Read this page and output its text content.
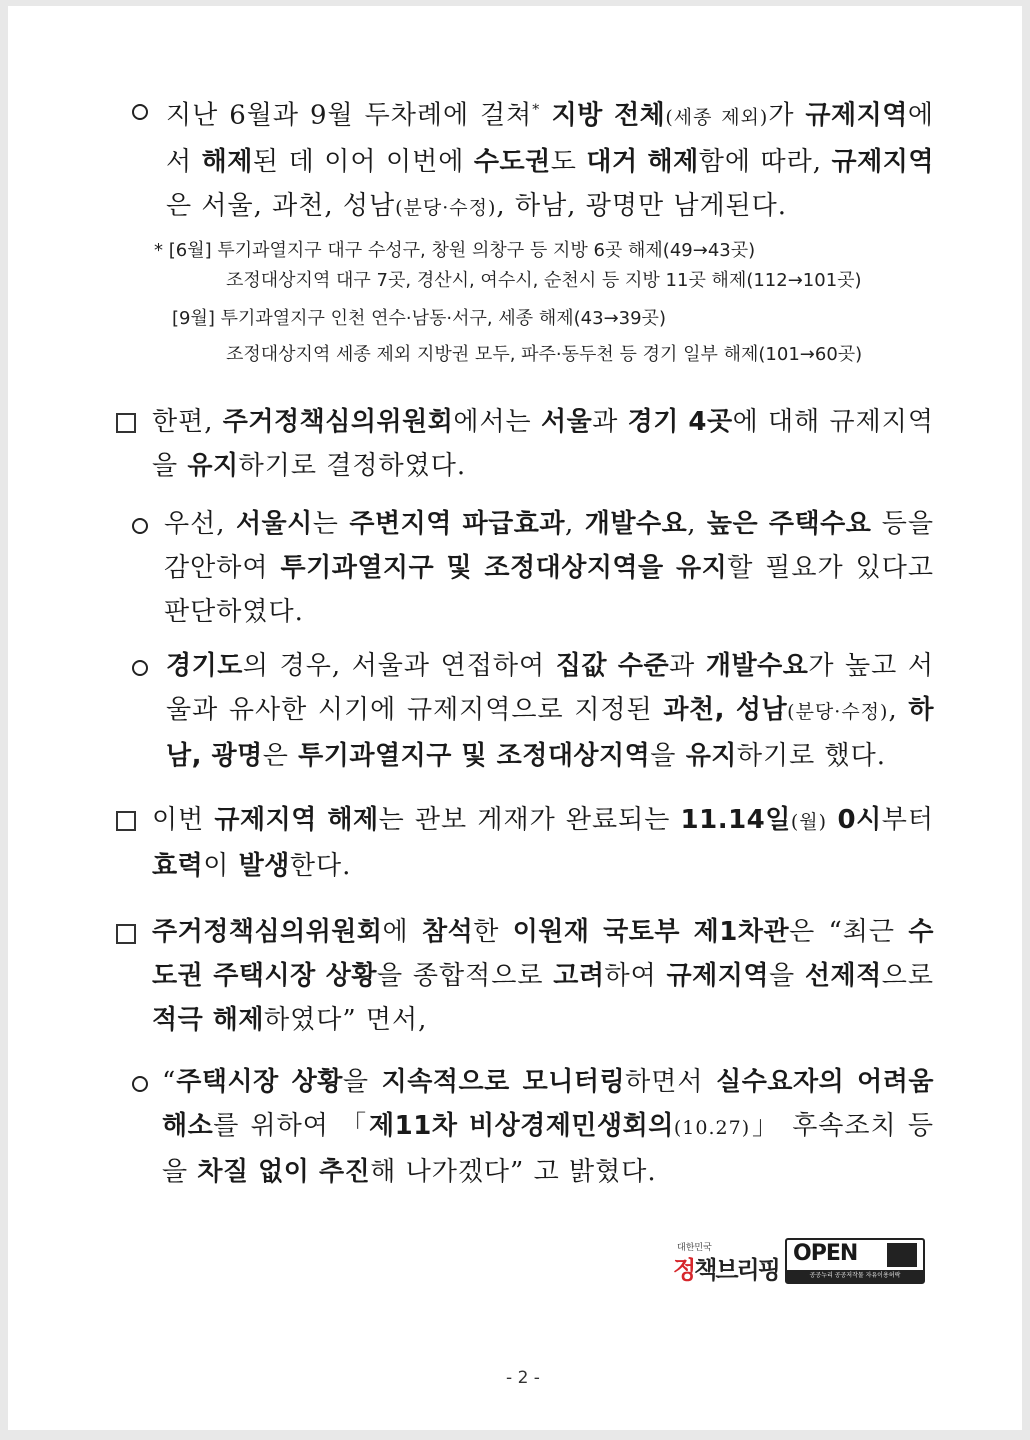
지난 6월과 9월 두차례에 걸쳐* 지방 전체(세종 제외)가 규제지역에서 해제된 데 이어 이번에 수도권도 대거 해제함에 따라, 규제지역은 서울, 과천, 성남(분당·수정), 하남, 광명만 남게된다.
* [6월] 투기과열지구 대구 수성구, 창원 의창구 등 지방 6곳 해제(49→43곳)
조정대상지역 대구 7곳, 경산시, 여수시, 순천시 등 지방 11곳 해제(112→101곳)
[9월] 투기과열지구 인천 연수·남동·서구, 세종 해제(43→39곳)
조정대상지역 세종 제외 지방권 모두, 파주·동두천 등 경기 일부 해제(101→60곳)
한편, 주거정책심의위원회에서는 서울과 경기 4곳에 대해 규제지역을 유지하기로 결정하였다.
우선, 서울시는 주변지역 파급효과, 개발수요, 높은 주택수요 등을 감안하여 투기과열지구 및 조정대상지역을 유지할 필요가 있다고 판단하였다.
경기도의 경우, 서울과 연접하여 집값 수준과 개발수요가 높고 서울과 유사한 시기에 규제지역으로 지정된 과천, 성남(분당·수정), 하남, 광명은 투기과열지구 및 조정대상지역을 유지하기로 했다.
이번 규제지역 해제는 관보 게재가 완료되는 11.14일(월) 0시부터 효력이 발생한다.
주거정책심의위원회에 참석한 이원재 국토부 제1차관은 “최근 수도권 주택시장 상황을 종합적으로 고려하여 규제지역을 선제적으로 적극 해제하였다” 면서,
“주택시장 상황을 지속적으로 모니터링하면서 실수요자의 어려움 해소를 위하여 「제11차 비상경제민생회의(10.27)」 후속조치 등을 차질 없이 추진해 나가겠다” 고 밝혔다.
대한민국
정책브리핑
OPEN
공공누리 공공저작물 자유이용허락
- 2 -
